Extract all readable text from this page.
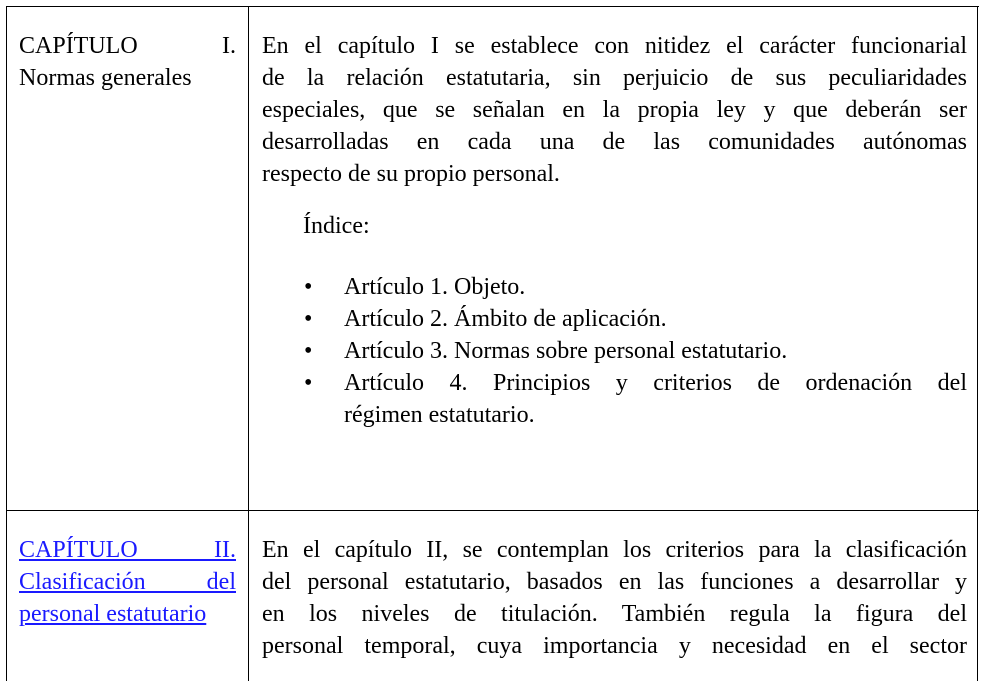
CAPÍTULO I.
Normas generales
En el capítulo I se establece con nitidez el carácter funcionarial
de la relación estatutaria, sin perjuicio de sus peculiaridades
especiales, que se señalan en la propia ley y que deberán ser
desarrolladas en cada una de las comunidades autónomas
respecto de su propio personal.
Índice:
• Artículo 1. Objeto.
• Artículo 2. Ámbito de aplicación.
• Artículo 3. Normas sobre personal estatutario.
• Artículo 4. Principios y criterios de ordenación del
régimen estatutario.
CAPÍTULO II.
Clasificación del
personal estatutario
En el capítulo II, se contemplan los criterios para la clasificación
del personal estatutario, basados en las funciones a desarrollar y
en los niveles de titulación. También regula la figura del
personal temporal, cuya importancia y necesidad en el sector
